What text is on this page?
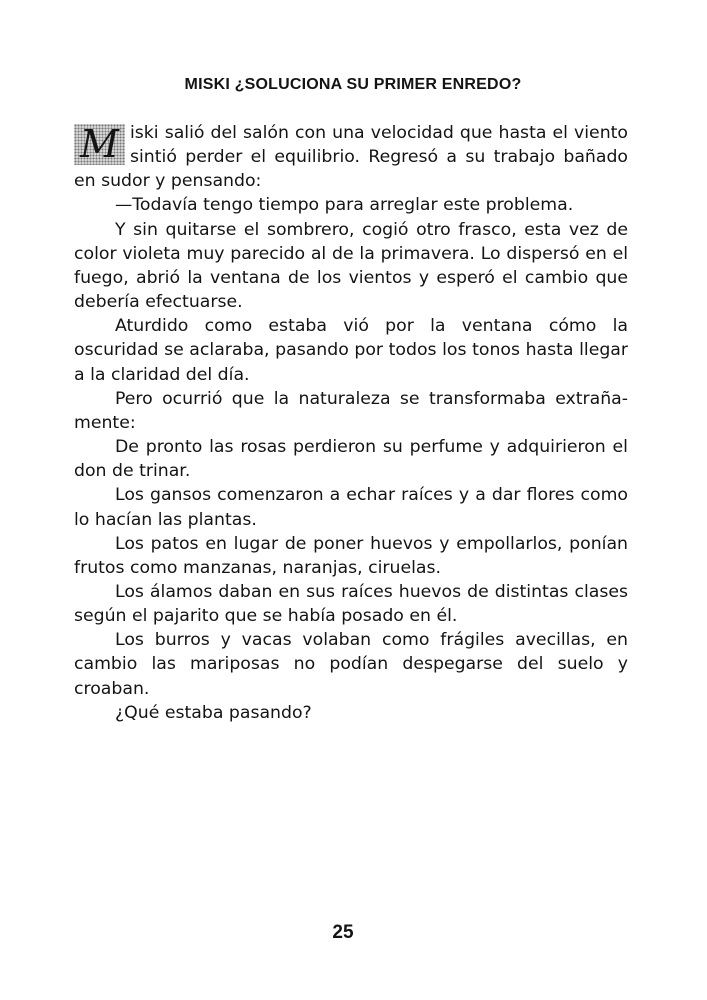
MISKI ¿SOLUCIONA SU PRIMER ENREDO?

M iski salió del salón con una velocidad que hasta el viento sintió perder el equilibrio. Regresó a su trabajo bañado en sudor y pensando:

—Todavía tengo tiempo para arreglar este problema.

Y sin quitarse el sombrero, cogió otro frasco, esta vez de color violeta muy parecido al de la primavera. Lo dispersó en el fuego, abrió la ventana de los vientos y esperó el cambio que debería efectuarse.

Aturdido como estaba vió por la ventana cómo la oscuridad se aclaraba, pasando por todos los tonos hasta llegar a la claridad del día.

Pero ocurrió que la naturaleza se transformaba extraña-mente:

De pronto las rosas perdieron su perfume y adquirieron el don de trinar.

Los gansos comenzaron a echar raíces y a dar flores como lo hacían las plantas.

Los patos en lugar de poner huevos y empollarlos, ponían frutos como manzanas, naranjas, ciruelas.

Los álamos daban en sus raíces huevos de distintas clases según el pajarito que se había posado en él.

Los burros y vacas volaban como frágiles avecillas, en cambio las mariposas no podían despegarse del suelo y croaban.

¿Qué estaba pasando?

25
